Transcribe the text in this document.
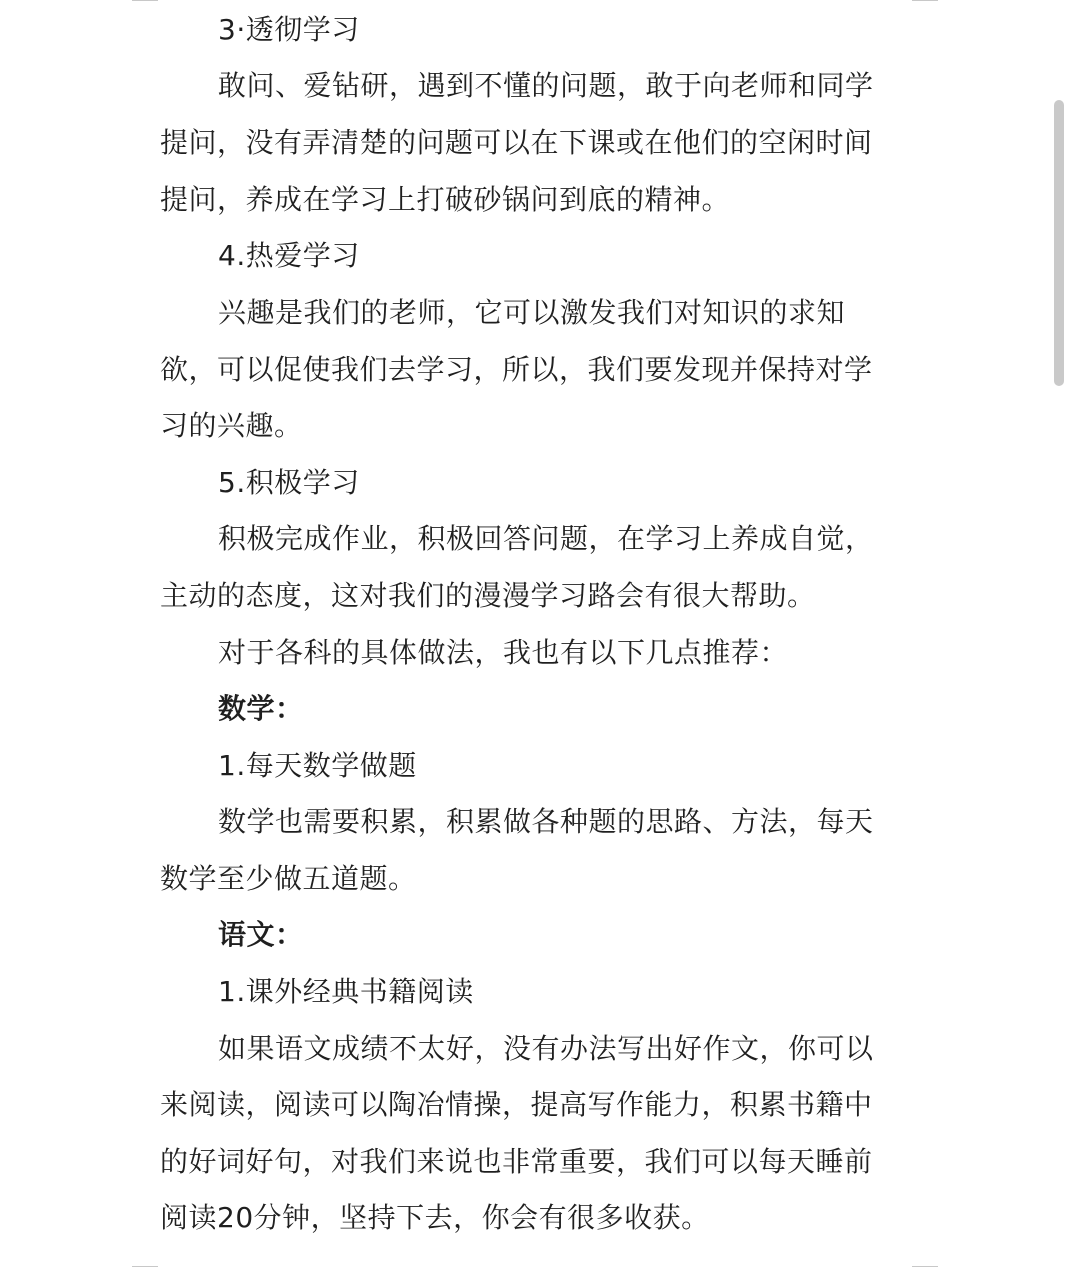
3·透彻学习
敢问、爱钻研，遇到不懂的问题，敢于向老师和同学
提问，没有弄清楚的问题可以在下课或在他们的空闲时间
提问，养成在学习上打破砂锅问到底的精神。
4.热爱学习
兴趣是我们的老师，它可以激发我们对知识的求知
欲，可以促使我们去学习，所以，我们要发现并保持对学
习的兴趣。
5.积极学习
积极完成作业，积极回答问题，在学习上养成自觉，
主动的态度，这对我们的漫漫学习路会有很大帮助。
对于各科的具体做法，我也有以下几点推荐：
数学：
1.每天数学做题
数学也需要积累，积累做各种题的思路、方法，每天
数学至少做五道题。
语文：
1.课外经典书籍阅读
如果语文成绩不太好，没有办法写出好作文，你可以
来阅读，阅读可以陶冶情操，提高写作能力，积累书籍中
的好词好句，对我们来说也非常重要，我们可以每天睡前
阅读20分钟，坚持下去，你会有很多收获。
